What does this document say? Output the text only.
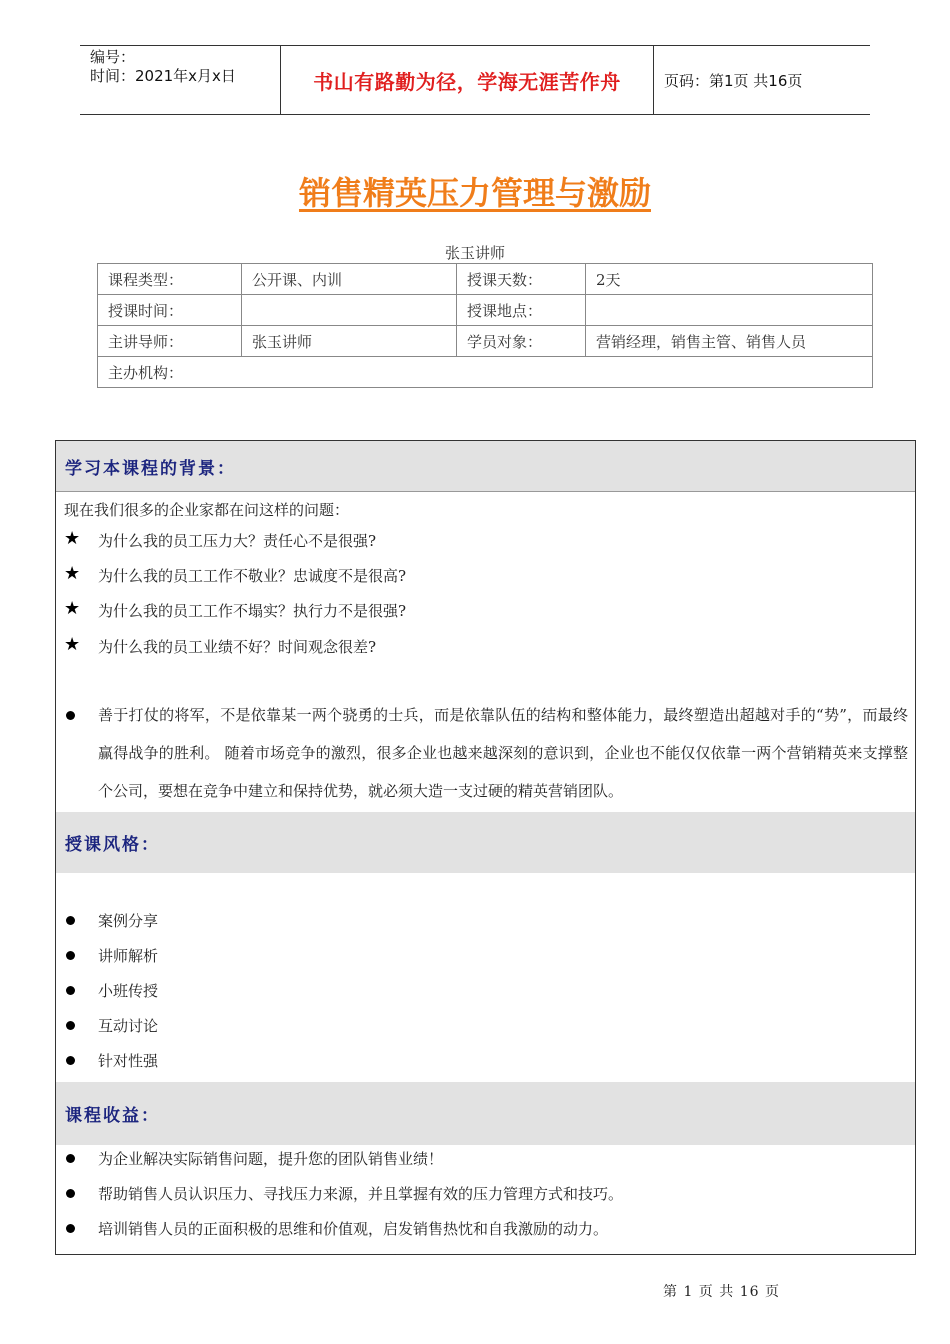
编号：
时间：2021年x月x日	书山有路勤为径，学海无涯苦作舟	页码：第1页 共16页
销售精英压力管理与激励
张玉讲师
课程类型：	公开课、内训	授课天数：	2天
授课时间：		授课地点：	
主讲导师：	张玉讲师	学员对象：	营销经理，销售主管、销售人员
主办机构：			
学习本课程的背景：
现在我们很多的企业家都在问这样的问题：
★ 为什么我的员工压力大？责任心不是很强?
★ 为什么我的员工工作不敬业？忠诚度不是很高?
★ 为什么我的员工工作不塌实？执行力不是很强?
★ 为什么我的员工业绩不好？时间观念很差?
善于打仗的将军，不是依靠某一两个骁勇的士兵，而是依靠队伍的结构和整体能力，最终塑造出超越对手的“势”，而最终赢得战争的胜利。 随着市场竞争的激烈，很多企业也越来越深刻的意识到，企业也不能仅仅依靠一两个营销精英来支撑整个公司，要想在竞争中建立和保持优势，就必须大造一支过硬的精英营销团队。
授课风格：
案例分享
讲师解析
小班传授
互动讨论
针对性强
课程收益：
为企业解决实际销售问题，提升您的团队销售业绩！
帮助销售人员认识压力、寻找压力来源，并且掌握有效的压力管理方式和技巧。
培训销售人员的正面积极的思维和价值观，启发销售热忱和自我激励的动力。
第 1 页 共 16 页
